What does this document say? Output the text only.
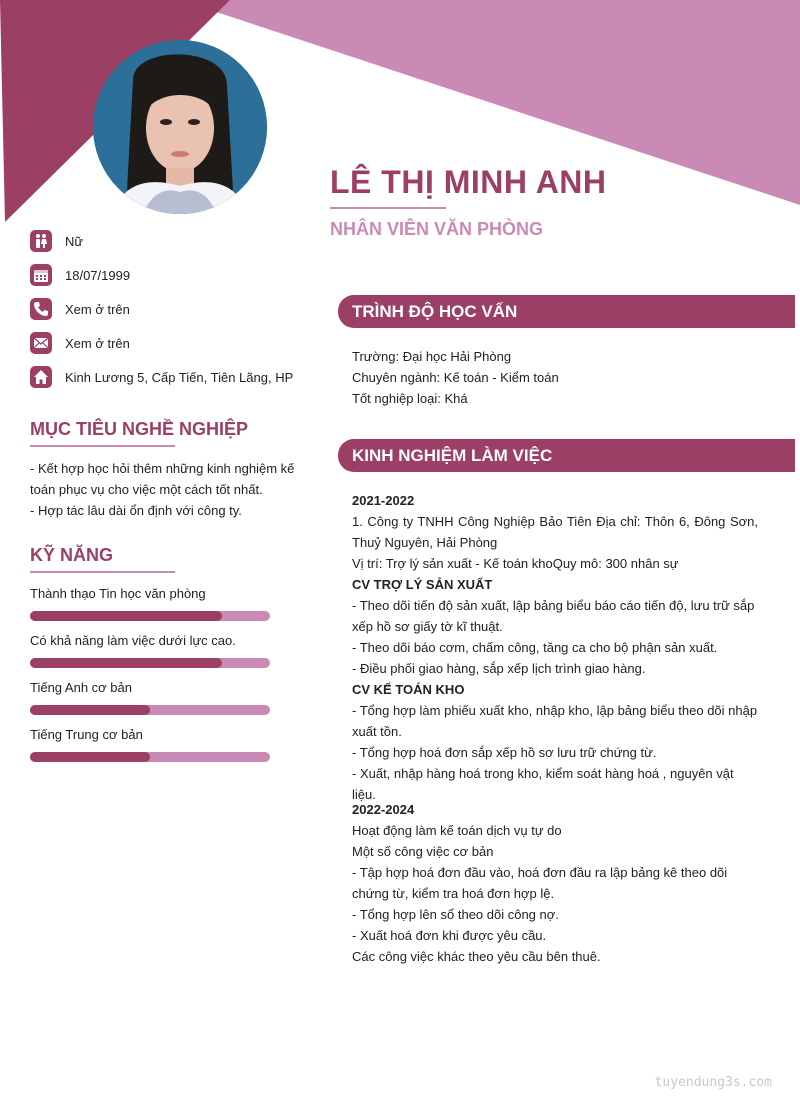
LÊ THỊ MINH ANH
NHÂN VIÊN VĂN PHÒNG
Nữ
18/07/1999
Xem ở trên
Xem ở trên
Kinh Lương 5, Cấp Tiến, Tiên Lãng, HP
MỤC TIÊU NGHỀ NGHIỆP
- Kết hợp học hỏi thêm những kinh nghiệm kế toán phục vụ cho việc một cách tốt nhất.
- Hợp tác lâu dài ổn định với công ty.
KỸ NĂNG
Thành thạo Tin học văn phòng
Có khả năng làm việc dưới lực cao.
Tiếng Anh cơ bản
Tiếng Trung cơ bản
TRÌNH ĐỘ HỌC VẤN

Trường: Đại học Hải Phòng

Chuyên ngành: Kế toán - Kiểm toán

Tốt nghiệp loại: Khá

KINH NGHIỆM LÀM VIỆC

2021-2022

1. Công ty TNHH Công Nghiệp Bảo Tiên Địa chỉ: Thôn 6, Đông Sơn, Thuỷ Nguyên, Hải Phòng

Vị trí: Trợ lý sản xuất - Kế toán khoQuy mô: 300 nhân sự

CV TRỢ LÝ SẢN XUẤT

- Theo dõi tiến độ sản xuất, lập bảng biểu báo cáo tiến độ, lưu trữ sắp xếp hồ sơ giấy tờ kĩ thuật.

- Theo dõi báo cơm, chấm công, tăng ca cho bộ phận sản xuất.

- Điều phối giao hàng, sắp xếp lịch trình giao hàng.

CV KẾ TOÁN KHO

- Tổng hợp làm phiếu xuất kho, nhập kho, lập bảng biểu theo dõi nhập xuất tồn.

- Tổng hợp hoá đơn sắp xếp hồ sơ lưu trữ chứng từ.

- Xuất, nhập hàng hoá trong kho, kiểm soát hàng hoá , nguyên vật liệu.

2022-2024

Hoạt động làm kế toán dịch vụ tự do

Một số công việc cơ bản

- Tập hợp hoá đơn đầu vào, hoá đơn đầu ra lập bảng kê theo dõi chứng từ, kiểm tra hoá đơn hợp lệ.

- Tổng hợp lên sổ theo dõi công nợ.

- Xuất hoá đơn khi được yêu cầu.

Các công việc khác theo yêu cầu bên thuê.

tuyendung3s.com
